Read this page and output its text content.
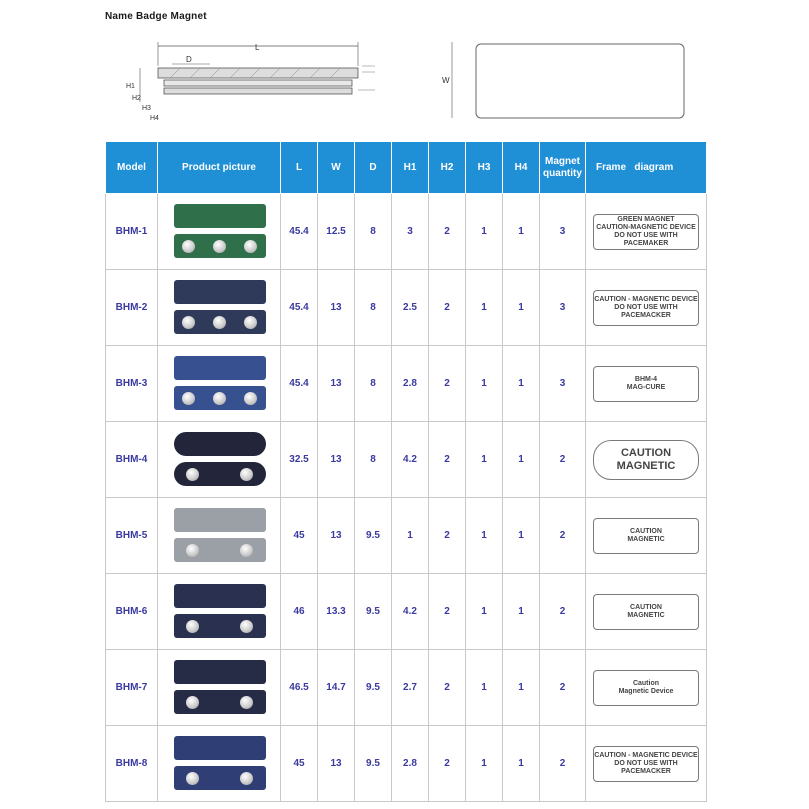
Name Badge Magnet
L
D
H1
H2
H3
H4
W
Model	Product picture	L	W	D	H1	H2	H3	H4	Magnet quantity	Frame   diagram
BHM-1		45.4	12.5	8	3	2	1	1	3	GREEN MAGNET
CAUTION-MAGNETIC DEVICE
DO NOT USE WITH PACEMAKER

BHM-2		45.4	13	8	2.5	2	1	1	3	CAUTION - MAGNETIC DEVICE
DO NOT USE WITH PACEMACKER

BHM-3		45.4	13	8	2.8	2	1	1	3	BHM-4
MAG-CURE

BHM-4		32.5	13	8	4.2	2	1	1	2	CAUTION
MAGNETIC

BHM-5		45	13	9.5	1	2	1	1	2	CAUTION
MAGNETIC

BHM-6		46	13.3	9.5	4.2	2	1	1	2	CAUTION
MAGNETIC

BHM-7		46.5	14.7	9.5	2.7	2	1	1	2	Caution
Magnetic Device

BHM-8		45	13	9.5	2.8	2	1	1	2	CAUTION - MAGNETIC DEVICE
DO NOT USE WITH PACEMACKER
